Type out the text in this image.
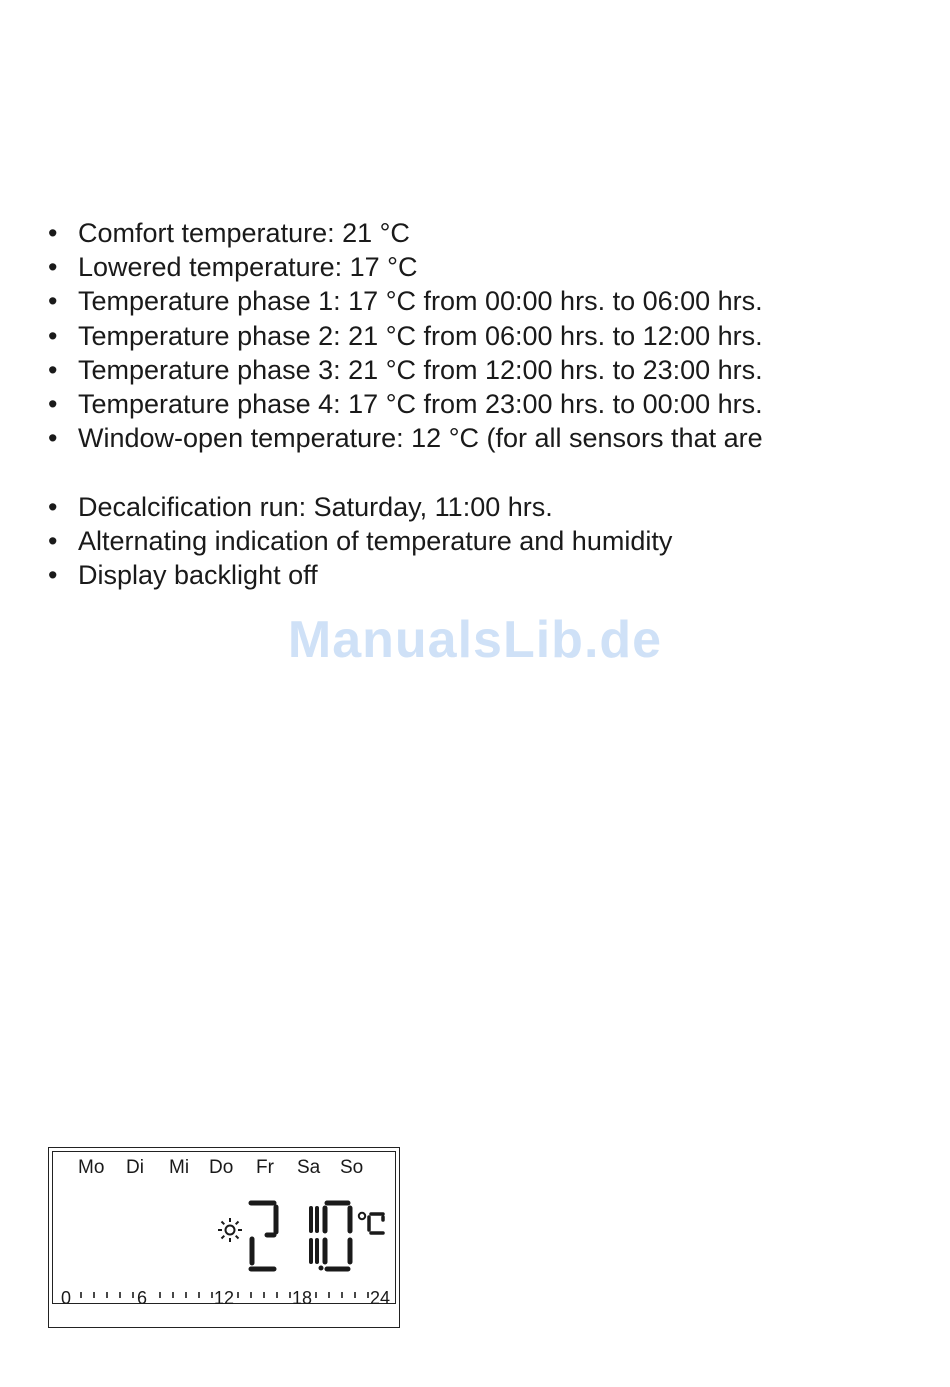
• Comfort temperature: 21 °C
• Lowered temperature: 17 °C
• Temperature phase 1: 17 °C from 00:00 hrs. to 06:00 hrs.
• Temperature phase 2: 21 °C from 06:00 hrs. to 12:00 hrs.
• Temperature phase 3: 21 °C from 12:00 hrs. to 23:00 hrs.
• Temperature phase 4: 17 °C from 23:00 hrs. to 00:00 hrs.
• Window-open temperature: 12 °C (for all sensors that are
• Decalcification run: Saturday, 11:00 hrs.
• Alternating indication of temperature and humidity
• Display backlight off
ManualsLib.de
Mo Di Mi Do Fr Sa So
0	6	12	18	24
